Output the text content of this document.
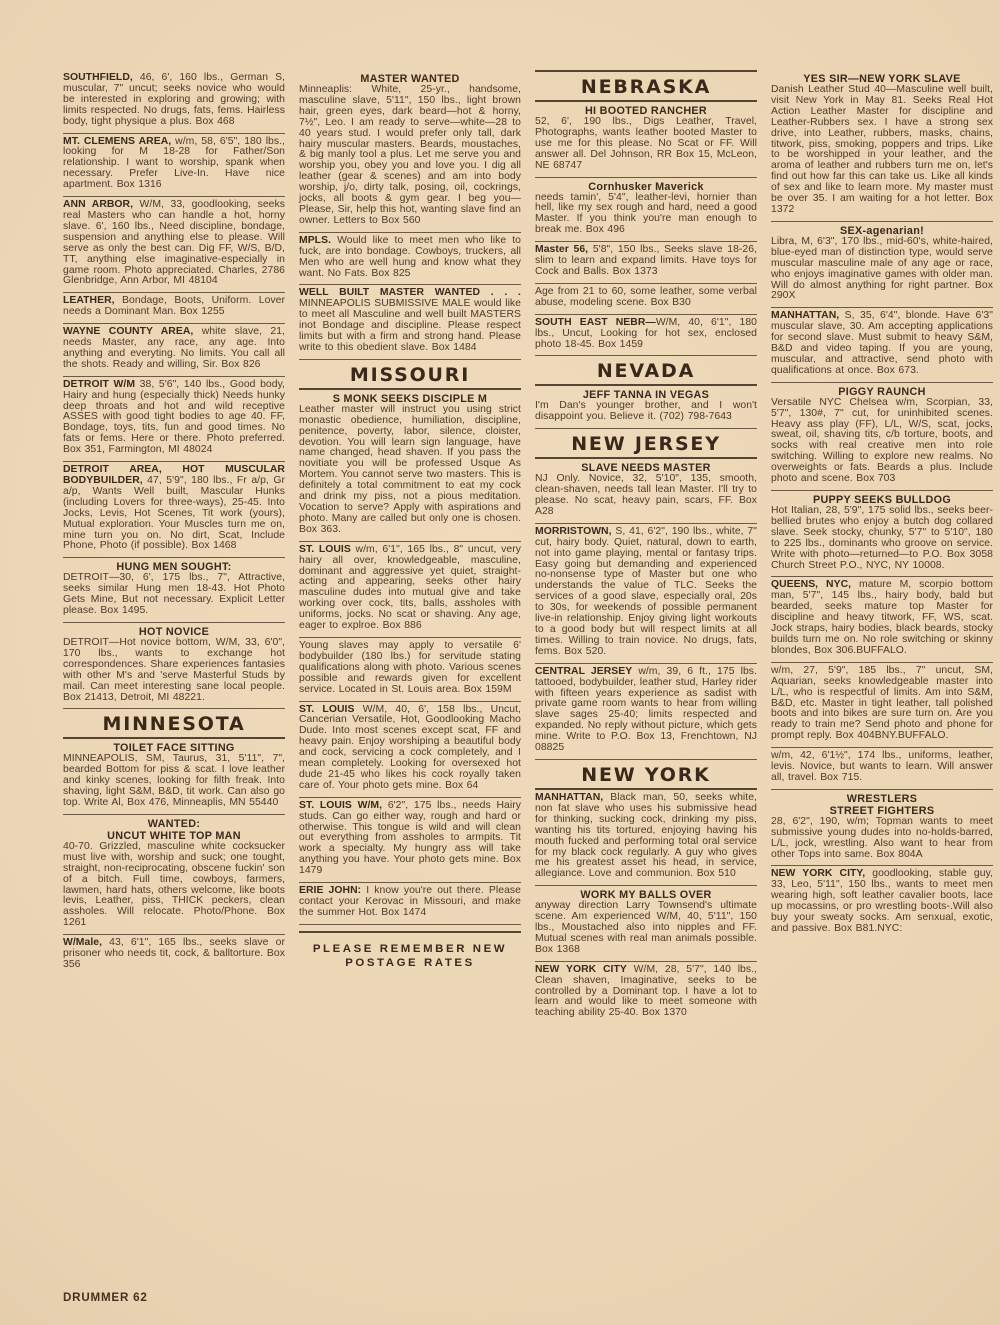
SOUTHFIELD, 46, 6', 160 lbs., German S, muscular, 7" uncut; seeks novice who would be interested in exploring and growing; with limits respected. No drugs, fats, fems. Hairless body, tight physique a plus. Box 468

MT. CLEMENS AREA, w/m, 58, 6'5", 180 lbs., looking for M 18-28 for Father/Son relationship. I want to worship, spank when necessary. Prefer Live-In. Have nice apartment. Box 1316

ANN ARBOR, W/M, 33, goodlooking, seeks real Masters who can handle a hot, horny slave. 6', 160 lbs., Need discipline, bondage, suspension and anything else to please. Will serve as only the best can. Dig FF, W/S, B/D, TT, anything else imaginative-especially in game room. Photo appreciated. Charles, 2786 Glenbridge, Ann Arbor, MI 48104

LEATHER, Bondage, Boots, Uniform. Lover needs a Dominant Man. Box 1255

WAYNE COUNTY AREA, white slave, 21, needs Master, any race, any age. Into anything and everyting. No limits. You call all the shots. Ready and willing, Sir. Box 826

DETROIT W/M 38, 5'6", 140 lbs., Good body, Hairy and hung (especially thick) Needs hunky deep throats and hot and wild receptive ASSES with good tight bodies to age 40. FF, Bondage, toys, tits, fun and good times. No fats or fems. Here or there. Photo preferred. Box 351, Farmington, MI 48024

DETROIT AREA, HOT MUSCULAR BODYBUILDER, 47, 5'9", 180 lbs., Fr a/p, Gr a/p, Wants Well built, Mascular Hunks (including Lovers for three-ways), 25-45. Into Jocks, Levis, Hot Scenes, Tit work (yours), Mutual exploration. Your Muscles turn me on, mine turn you on. No dirt, Scat, Include Phone, Photo (if possible). Box 1468

HUNG MEN SOUGHT:

DETROIT—30, 6', 175 lbs., 7", Attractive, seeks similar Hung men 18-43. Hot Photo Gets Mine, But not necessary. Explicit Letter please. Box 1495.

HOT NOVICE

DETROIT—Hot novice bottom, W/M, 33, 6'0", 170 lbs., wants to exchange hot correspondences. Share experiences fantasies with other M's and 'serve Masterful Studs by mail. Can meet interesting sane local people. Box 21413, Detroit, MI 48221.

MINNESOTA
TOILET FACE SITTING

MINNEAPOLIS, SM, Taurus, 31, 5'11", 7", bearded Bottom for piss & scat. I love leather and kinky scenes, looking for filth freak. Into shaving, light S&M, B&D, tit work. Can also go top. Write Al, Box 476, Minneaplis, MN 55440

WANTED:
UNCUT WHITE TOP MAN

40-70. Grizzled, masculine white cocksucker must live with, worship and suck; one tought, straight, non-reciprocating, obscene fuckin' son of a bitch. Full time, cowboys, farmers, lawmen, hard hats, others welcome, like boots levis, Leather, piss, THICK peckers, clean assholes. Will relocate. Photo/Phone. Box 1261

W/Male, 43, 6'1", 165 lbs., seeks slave or prisoner who needs tit, cock, & balltorture. Box 356

MASTER WANTED

Minneaplis: White, 25-yr., handsome, masculine slave, 5'11", 150 lbs., light brown hair, green eyes, dark beard—hot & horny, 7½", Leo. I am ready to serve—white—28 to 40 years stud. I would prefer only tall, dark hairy muscular masters. Beards, moustaches, & big manly tool a plus. Let me serve you and worship you, obey you and love you. I dig all leather (gear & scenes) and am into body worship, j/o, dirty talk, posing, oil, cockrings, jocks, all boots & gym gear. I beg you—Please, Sir, help this hot, wanting slave find an owner. Letters to Box 560

MPLS. Would like to meet men who like to fuck, are into bondage. Cowboys, truckers, all Men who are well hung and know what they want. No Fats. Box 825

WELL BUILT MASTER WANTED . . . MINNEAPOLIS SUBMISSIVE MALE would like to meet all Masculine and well built MASTERS inot Bondage and discipline. Please respect limits but with a firm and strong hand. Please write to this obedient slave. Box 1484

MISSOURI
S MONK SEEKS DISCIPLE M

Leather master will instruct you using strict monastic obedience, humiliation, discipline, penitence, poverty, labor, silence, cloister, devotion. You will learn sign language, have name changed, head shaven. If you pass the novitiate you will be professed Usque As Mortem. You cannot serve two masters. This is definitely a total commitment to eat my cock and drink my piss, not a pious meditation. Vocation to serve? Apply with aspirations and photo. Many are called but only one is chosen. Box 363.

ST. LOUIS w/m, 6'1", 165 lbs., 8" uncut, very hairy all over, knowledgeable, masculine, dominant and aggressive yet quiet, straight-acting and appearing, seeks other hairy masculine dudes into mutual give and take working over cock, tits, balls, assholes with uniforms, jocks. No scat or shaving. Any age, eager to explroe. Box 886

Young slaves may apply to versatile 6' bodybuilder (180 lbs.) for servitude stating qualifications along with photo. Various scenes possible and rewards given for excellent service. Located in St. Louis area. Box 159M

ST. LOUIS W/M, 40, 6', 158 lbs., Uncut, Cancerian Versatile, Hot, Goodlooking Macho Dude. Into most scenes except scat, FF and heavy pain. Enjoy worshiping a beautiful body and cock, servicing a cock completely, and I mean completely. Looking for oversexed hot dude 21-45 who likes his cock royally taken care of. Your photo gets mine. Box 64

ST. LOUIS W/M, 6'2", 175 lbs., needs Hairy studs. Can go either way, rough and hard or otherwise. This tongue is wild and will clean out everything from assholes to armpits. Tit work a specialty. My hungry ass will take anything you have. Your photo gets mine. Box 1479

ERIE JOHN: I know you're out there. Please contact your Kerovac in Missouri, and make the summer Hot. Box 1474

PLEASE REMEMBER NEW
POSTAGE RATES
NEBRASKA
HI BOOTED RANCHER

52, 6', 190 lbs., Digs Leather, Travel, Photographs, wants leather booted Master to use me for this please. No Scat or FF. Will answer all. Del Johnson, RR Box 15, McLeon, NE 68747

Cornhusker Maverick

needs tamin', 5'4", leather-levi, hornier than hell, like my sex rough and hard, need a good Master. If you think you're man enough to break me. Box 496

Master 56, 5'8", 150 lbs., Seeks slave 18-26, slim to learn and expand limits. Have toys for Cock and Balls. Box 1373

Age from 21 to 60, some leather, some verbal abuse, modeling scene. Box B30

SOUTH EAST NEBR—W/M, 40, 6'1", 180 lbs., Uncut, Looking for hot sex, enclosed photo 18-45. Box 1459

NEVADA
JEFF TANNA IN VEGAS

I'm Dan's younger brother, and I won't disappoint you. Believe it. (702) 798-7643

NEW JERSEY
SLAVE NEEDS MASTER

NJ Only. Novice, 32, 5'10", 135, smooth, clean-shaven, needs tall lean Master. I'll try to please. No scat, heavy pain, scars, FF. Box A28

MORRISTOWN, S, 41, 6'2", 190 lbs., white, 7" cut, hairy body. Quiet, natural, down to earth, not into game playing, mental or fantasy trips. Easy going but demanding and experienced no-nonsense type of Master but one who understands the value of TLC. Seeks the services of a good slave, especially oral, 20s to 30s, for weekends of possible permanent live-in relationship. Enjoy giving light workouts to a good body but will respect limits at all times. Willing to train novice. No drugs, fats, fems. Box 520.

CENTRAL JERSEY w/m, 39, 6 ft., 175 lbs. tattooed, bodybuilder, leather stud, Harley rider with fifteen years experience as sadist with private game room wants to hear from willing slave sages 25-40; limits respected and expanded. No reply without picture, which gets mine. Write to P.O. Box 13, Frenchtown, NJ 08825

NEW YORK

MANHATTAN, Black man, 50, seeks white, non fat slave who uses his submissive head for thinking, sucking cock, drinking my piss, wanting his tits tortured, enjoying having his mouth fucked and performing total oral service for my black cock regularly. A guy who gives me his greatest asset his head, in service, allegiance. Love and communion. Box 510

WORK MY BALLS OVER

anyway direction Larry Townsend's ultimate scene. Am experienced W/M, 40, 5'11", 150 lbs., Moustached also into nipples and FF. Mutual scenes with real man animals possible. Box 1368

NEW YORK CITY W/M, 28, 5'7", 140 lbs., Clean shaven, Imaginative, seeks to be controlled by a Dominant top. I have a lot to learn and would like to meet someone with teaching ability 25-40. Box 1370

YES SIR—NEW YORK SLAVE

Danish Leather Stud 40—Masculine well built, visit New York in May 81. Seeks Real Hot Action Leather Master for discipline and Leather-Rubbers sex. I have a strong sex drive, into Leather, rubbers, masks, chains, titwork, piss, smoking, poppers and trips. Like to be worshipped in your leather, and the aroma of leather and rubbers turn me on, let's find out how far this can take us. Like all kinds of sex and like to learn more. My master must be over 35. I am waiting for a hot letter. Box 1372

SEX-agenarian!

Libra, M, 6'3", 170 lbs., mid-60's, white-haired, blue-eyed man of distinction type, would serve muscular masculine male of any age or race, who enjoys imaginative games with older man. Will do almost anything for right partner. Box 290X

MANHATTAN, S, 35, 6'4", blonde. Have 6'3" muscular slave, 30. Am accepting applications for second slave. Must submit to heavy S&M, B&D and video taping. If you are young, muscular, and attractive, send photo with qualifications at once. Box 673.

PIGGY RAUNCH

Versatile NYC Chelsea w/m, Scorpian, 33, 5'7", 130#, 7" cut, for uninhibited scenes. Heavy ass play (FF), L/L, W/S, scat, jocks, sweat, oil, shaving tits, c/b torture, boots, and socks with real creative men into role switching. Willing to explore new realms. No overweights or fats. Beards a plus. Include photo and scene. Box 703

PUPPY SEEKS BULLDOG

Hot Italian, 28, 5'9", 175 solid lbs., seeks beer-bellied brutes who enjoy a butch dog collared slave. Seek stocky, chunky, 5'7" to 5'10", 180 to 225 lbs., dominants who groove on service. Write with photo—returned—to P.O. Box 3058 Church Street P.O., NYC, NY 10008.

QUEENS, NYC, mature M, scorpio bottom man, 5'7", 145 lbs., hairy body, bald but bearded, seeks mature top Master for discipline and heavy titwork, FF, WS, scat. Jock straps, hairy bodies, black beards, stocky builds turn me on. No role switching or skinny blondes, Box 306.BUFFALO.

w/m, 27, 5'9", 185 lbs., 7" uncut, SM, Aquarian, seeks knowledgeable master into L/L, who is respectful of limits. Am into S&M, B&D, etc. Master in tight leather, tall polished boots and into bikes are sure turn on. Are you ready to train me? Send photo and phone for prompt reply. Box 404BNY.BUFFALO.

w/m, 42, 6'1½", 174 lbs., uniforms, leather, levis. Novice, but wants to learn. Will answer all, travel. Box 715.

WRESTLERS
STREET FIGHTERS

28, 6'2", 190, w/m; Topman wants to meet submissive young dudes into no-holds-barred, L/L, jock, wrestling. Also want to hear from other Tops into same. Box 804A

NEW YORK CITY, goodlooking, stable guy, 33, Leo, 5'11", 150 lbs., wants to meet men wearing high, soft leather cavalier boots, lace up mocassins, or pro wrestling boots-.Will also buy your sweaty socks. Am senxual, exotic, and passive. Box B81.NYC:

DRUMMER 62
